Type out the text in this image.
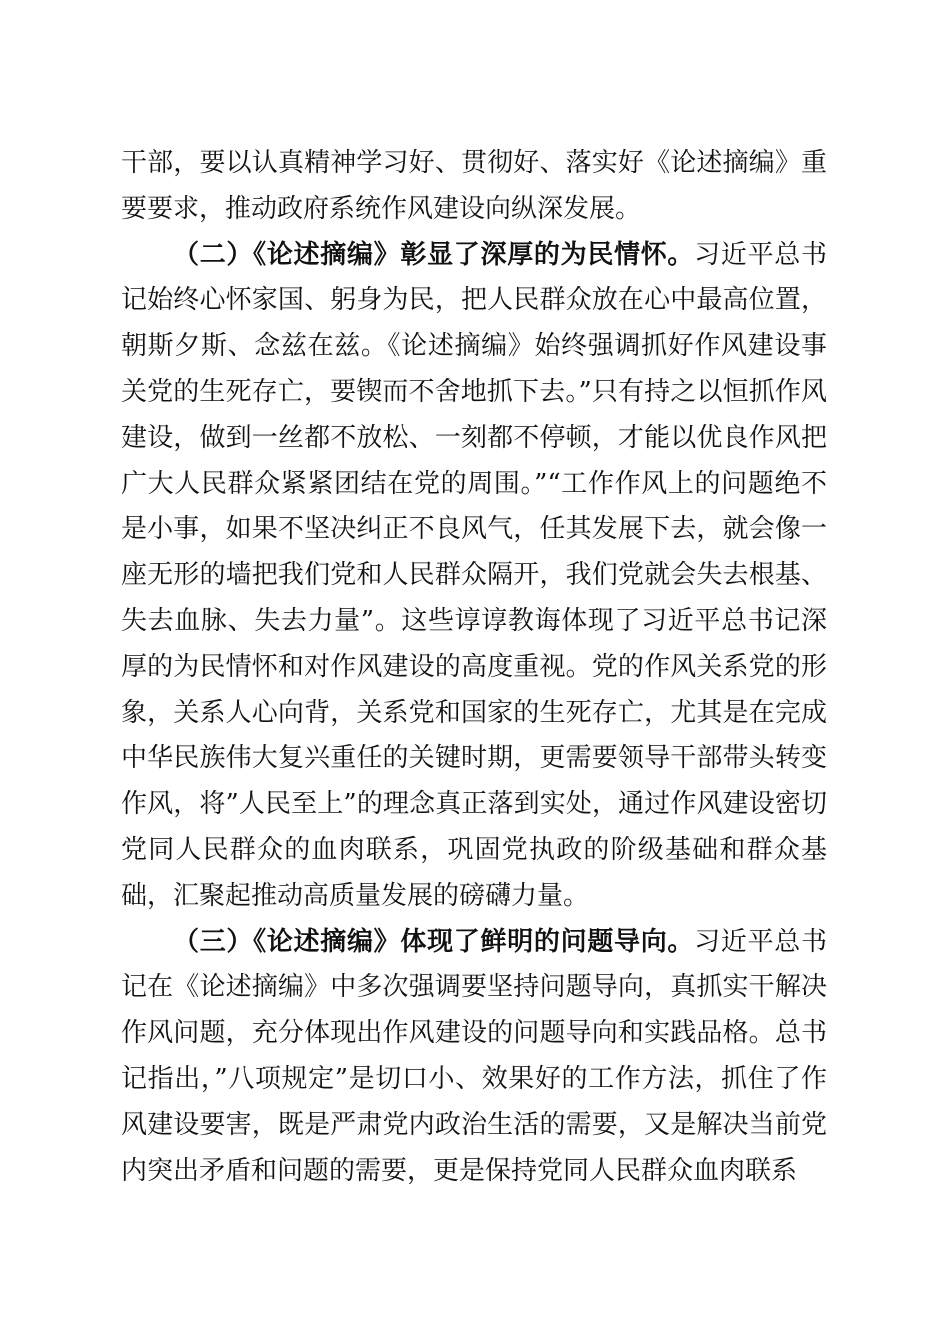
干部，要以认真精神学习好、贯彻好、落实好《论述摘编》重要要求，推动政府系统作风建设向纵深发展。

（二）《论述摘编》彰显了深厚的为民情怀。习近平总书记始终心怀家国、躬身为民，把人民群众放在心中最高位置，朝斯夕斯、念兹在兹。《论述摘编》始终强调抓好作风建设事关党的生死存亡，要锲而不舍地抓下去。”只有持之以恒抓作风建设，做到一丝都不放松、一刻都不停顿，才能以优良作风把广大人民群众紧紧团结在党的周围。”“工作作风上的问题绝不是小事，如果不坚决纠正不良风气，任其发展下去，就会像一座无形的墙把我们党和人民群众隔开，我们党就会失去根基、失去血脉、失去力量”。这些谆谆教诲体现了习近平总书记深厚的为民情怀和对作风建设的高度重视。党的作风关系党的形象，关系人心向背，关系党和国家的生死存亡，尤其是在完成中华民族伟大复兴重任的关键时期，更需要领导干部带头转变作风，将”人民至上”的理念真正落到实处，通过作风建设密切党同人民群众的血肉联系，巩固党执政的阶级基础和群众基础，汇聚起推动高质量发展的磅礴力量。

（三）《论述摘编》体现了鲜明的问题导向。习近平总书记在《论述摘编》中多次强调要坚持问题导向，真抓实干解决作风问题，充分体现出作风建设的问题导向和实践品格。总书记指出，”八项规定”是切口小、效果好的工作方法，抓住了作风建设要害，既是严肃党内政治生活的需要，又是解决当前党内突出矛盾和问题的需要，更是保持党同人民群众血肉联系
